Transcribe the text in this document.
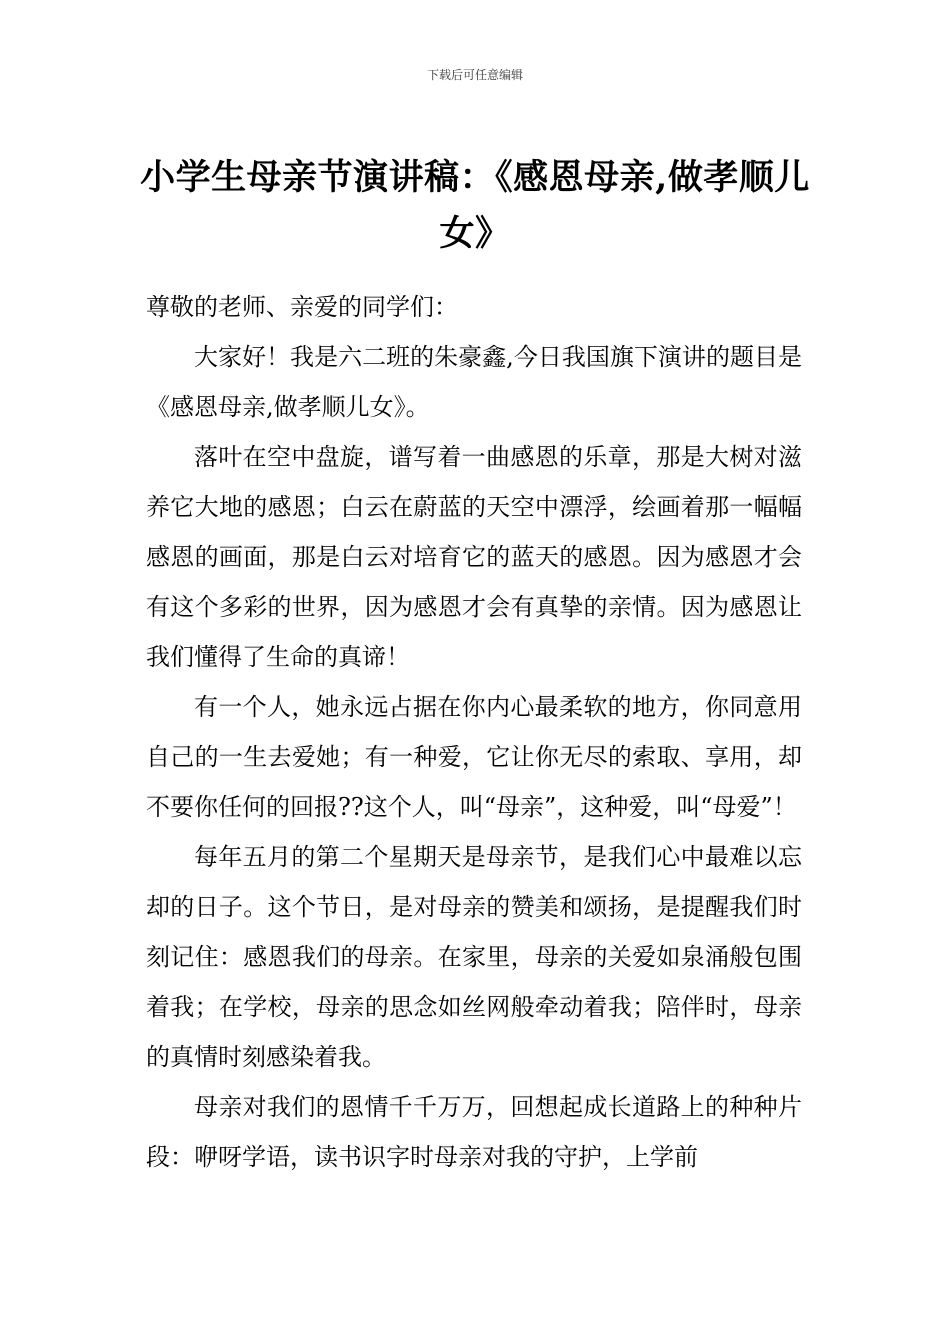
下载后可任意编辑
小学生母亲节演讲稿：《感恩母亲,做孝顺儿女》

尊敬的老师、亲爱的同学们：

大家好！我是六二班的朱豪鑫,今日我国旗下演讲的题目是《感恩母亲,做孝顺儿女》。

落叶在空中盘旋，谱写着一曲感恩的乐章，那是大树对滋养它大地的感恩；白云在蔚蓝的天空中漂浮，绘画着那一幅幅感恩的画面，那是白云对培育它的蓝天的感恩。因为感恩才会有这个多彩的世界，因为感恩才会有真挚的亲情。因为感恩让我们懂得了生命的真谛！

有一个人，她永远占据在你内心最柔软的地方，你同意用自己的一生去爱她；有一种爱，它让你无尽的索取、享用，却不要你任何的回报??这个人，叫“母亲”，这种爱，叫“母爱”！

每年五月的第二个星期天是母亲节，是我们心中最难以忘却的日子。这个节日，是对母亲的赞美和颂扬，是提醒我们时刻记住：感恩我们的母亲。在家里，母亲的关爱如泉涌般包围着我；在学校，母亲的思念如丝网般牵动着我；陪伴时，母亲的真情时刻感染着我。

母亲对我们的恩情千千万万，回想起成长道路上的种种片段：咿呀学语，读书识字时母亲对我的守护，上学前
